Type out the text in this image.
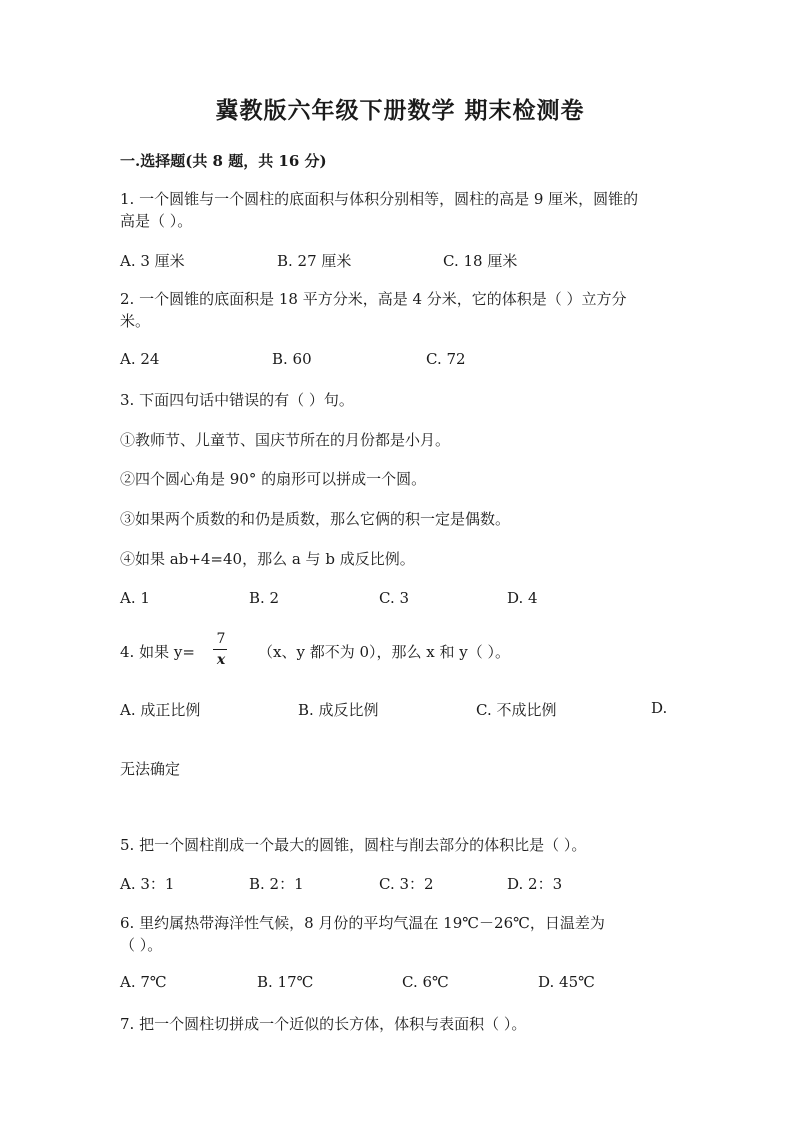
冀教版六年级下册数学 期末检测卷
一.选择题(共 8 题，共 16 分)
1. 一个圆锥与一个圆柱的底面积与体积分别相等，圆柱的高是 9 厘米，圆锥的
高是（ ）。
A. 3 厘米	B. 27 厘米	C. 18 厘米
2. 一个圆锥的底面积是 18 平方分米，高是 4 分米，它的体积是（ ）立方分
米。
A. 24	B. 60	C. 72
3. 下面四句话中错误的有（ ）句。
①教师节、儿童节、国庆节所在的月份都是小月。
②四个圆心角是 90° 的扇形可以拼成一个圆。
③如果两个质数的和仍是质数，那么它俩的积一定是偶数。
④如果 ab+4=40，那么 a 与 b 成反比例。
A. 1	B. 2	C. 3	D. 4
4. 如果 y=
7
x （x、y 都不为 0），那么 x 和 y（ ）。
A. 成正比例	B. 成反比例	C. 不成比例	D.
无法确定
5. 把一个圆柱削成一个最大的圆锥，圆柱与削去部分的体积比是（ ）。
A. 3：1	B. 2：1	C. 3：2	D. 2：3
6. 里约属热带海洋性气候，8 月份的平均气温在 19℃－26℃，日温差为
（ ）。
A. 7℃	B. 17℃	C. 6℃	D. 45℃
7. 把一个圆柱切拼成一个近似的长方体，体积与表面积（ ）。
